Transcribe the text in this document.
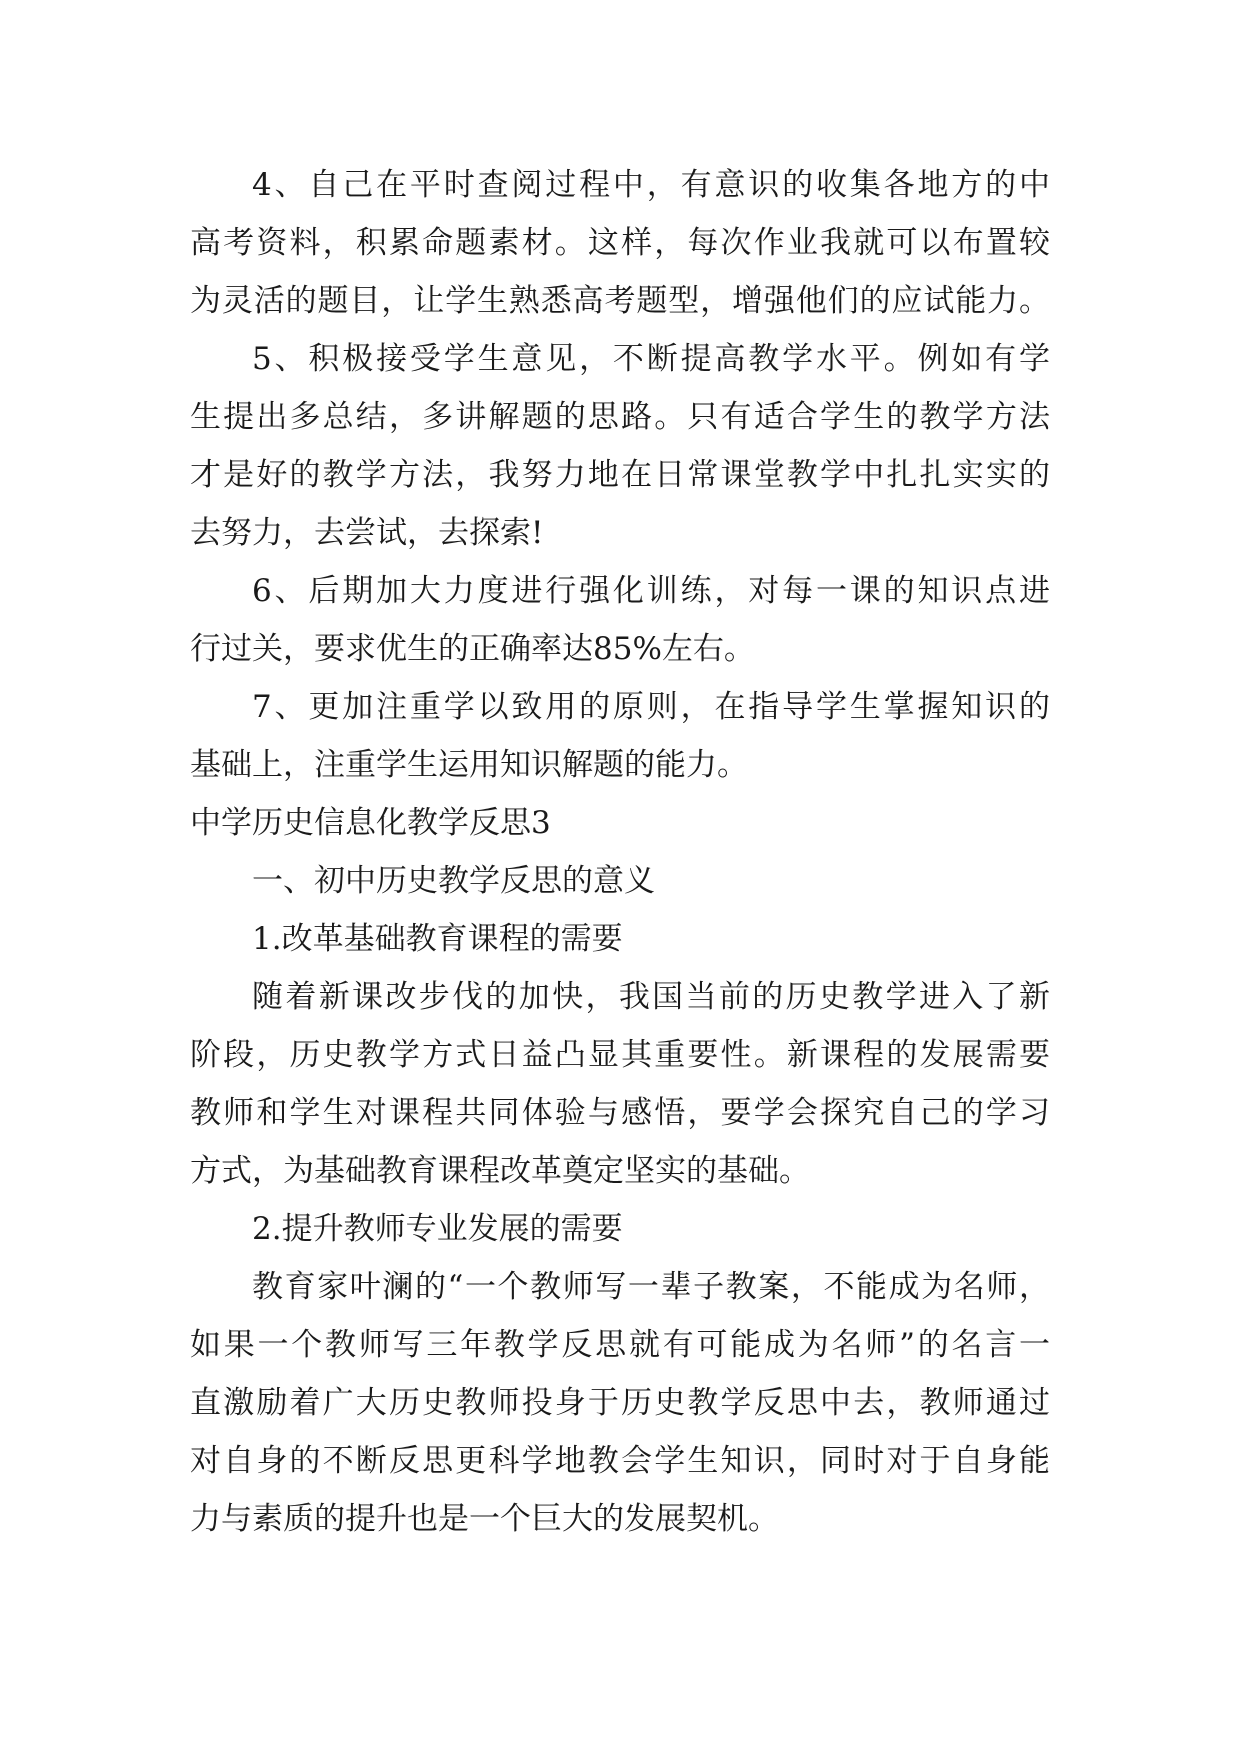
4、自己在平时查阅过程中，有意识的收集各地方的中
高考资料，积累命题素材。这样，每次作业我就可以布置较
为灵活的题目，让学生熟悉高考题型，增强他们的应试能力。
5、积极接受学生意见，不断提高教学水平。例如有学
生提出多总结，多讲解题的思路。只有适合学生的教学方法
才是好的教学方法，我努力地在日常课堂教学中扎扎实实的
去努力，去尝试，去探索!
6、后期加大力度进行强化训练，对每一课的知识点进
行过关，要求优生的正确率达85%左右。
7、更加注重学以致用的原则，在指导学生掌握知识的
基础上，注重学生运用知识解题的能力。
中学历史信息化教学反思3
一、初中历史教学反思的意义
1.改革基础教育课程的需要
随着新课改步伐的加快，我国当前的历史教学进入了新
阶段，历史教学方式日益凸显其重要性。新课程的发展需要
教师和学生对课程共同体验与感悟，要学会探究自己的学习
方式，为基础教育课程改革奠定坚实的基础。
2.提升教师专业发展的需要
教育家叶澜的“一个教师写一辈子教案，不能成为名师，
如果一个教师写三年教学反思就有可能成为名师”的名言一
直激励着广大历史教师投身于历史教学反思中去，教师通过
对自身的不断反思更科学地教会学生知识，同时对于自身能
力与素质的提升也是一个巨大的发展契机。
